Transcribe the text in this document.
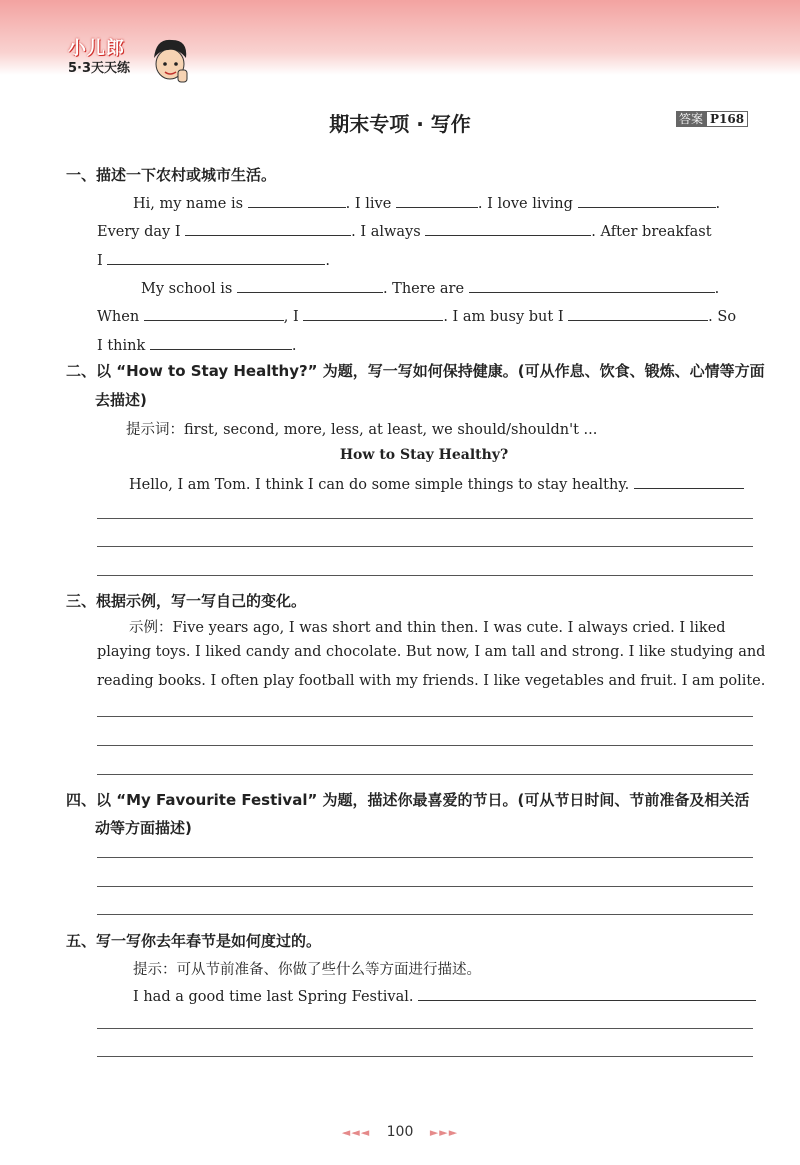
小儿郎
5·3天天练
期末专项 · 写作	答案 P168
一、描述一下农村或城市生活。
Hi, my name is	. I live	. I love living	.
Every day I	. I always	. After breakfast
I	.
My school is	. There are	.
When	, I	. I am busy but I	. So
I think	.
二、以 “How to Stay Healthy?” 为题，写一写如何保持健康。(可从作息、饮食、锻炼、心情等方面
去描述)
提示词：first, second, more, less, at least, we should/shouldn't ...
How to Stay Healthy?
Hello, I am Tom. I think I can do some simple things to stay healthy.
三、根据示例，写一写自己的变化。
示例：Five years ago, I was short and thin then. I was cute. I always cried. I liked
playing toys. I liked candy and chocolate. But now, I am tall and strong. I like studying and
reading books. I often play football with my friends. I like vegetables and fruit. I am polite.
四、以 “My Favourite Festival” 为题，描述你最喜爱的节日。(可从节日时间、节前准备及相关活
动等方面描述)
五、写一写你去年春节是如何度过的。
提示：可从节前准备、你做了些什么等方面进行描述。
I had a good time last Spring Festival.
◄◄◄ 100 ►►►
